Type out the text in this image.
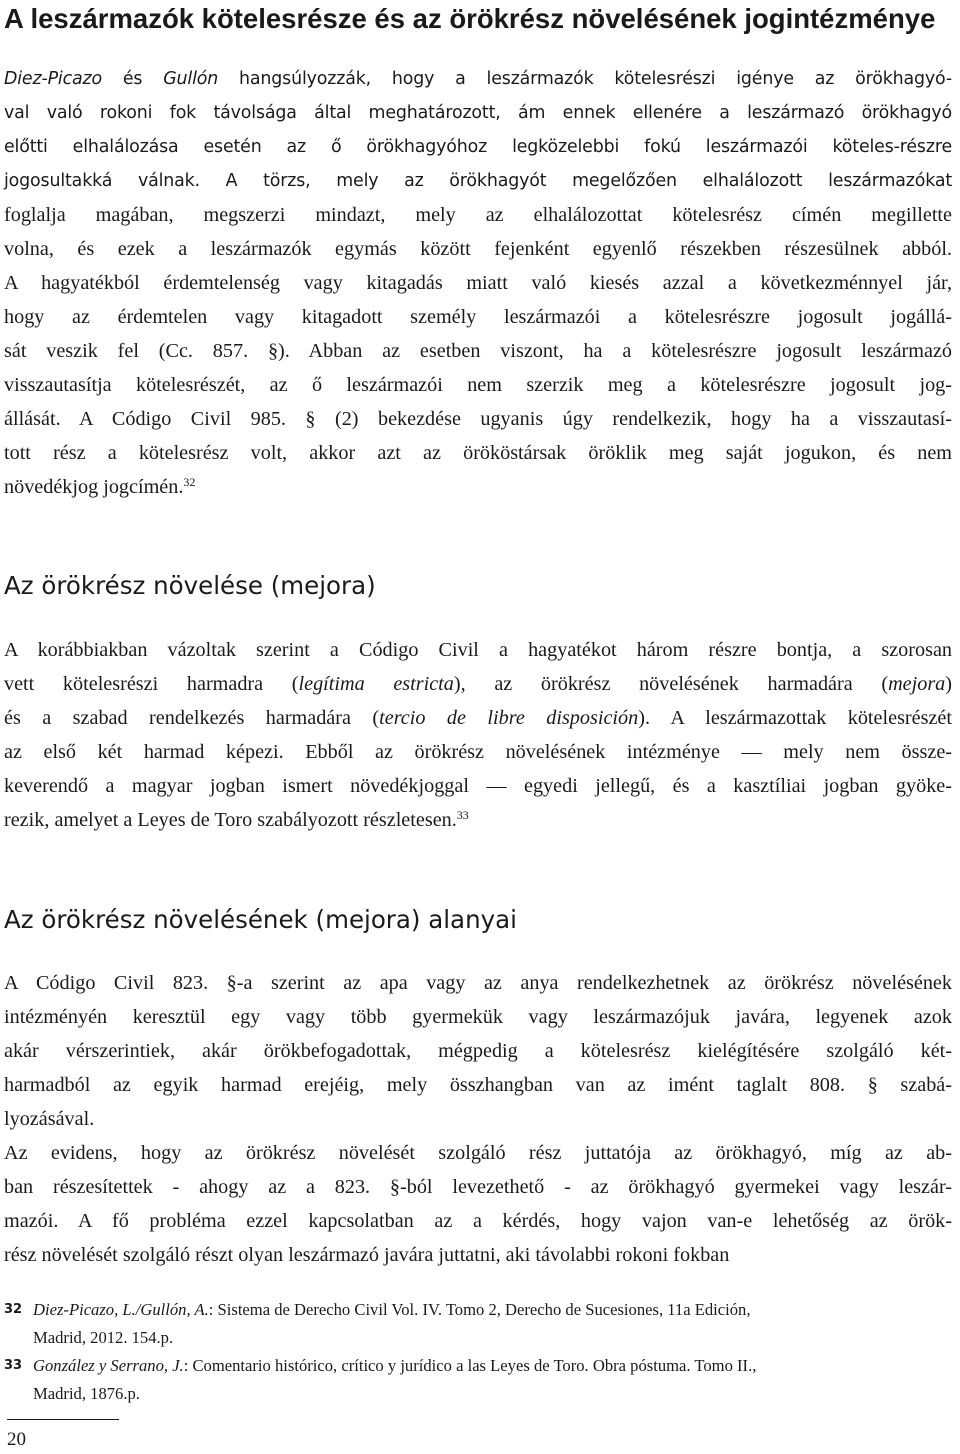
A leszármazók kötelesrésze és az örökrész növelésének jogintézménye
Diez-Picazo és Gullón hangsúlyozzák, hogy a leszármazók kötelesrészi igénye az örökhagyó-
val való rokoni fok távolsága által meghatározott, ám ennek ellenére a leszármazó örökhagyó
előtti elhalálozása esetén az ő örökhagyóhoz legközelebbi fokú leszármazói köteles-részre
jogosultakká válnak. A törzs, mely az örökhagyót megelőzően elhalálozott leszármazókat
foglalja magában, megszerzi mindazt, mely az elhalálozottat kötelesrész címén megillette
volna, és ezek a leszármazók egymás között fejenként egyenlő részekben részesülnek abból.
A hagyatékból érdemtelenség vagy kitagadás miatt való kiesés azzal a következménnyel jár,
hogy az érdemtelen vagy kitagadott személy leszármazói a kötelesrészre jogosult jogállá-
sát veszik fel (Cc. 857. §). Abban az esetben viszont, ha a kötelesrészre jogosult leszármazó
visszautasítja kötelesrészét, az ő leszármazói nem szerzik meg a kötelesrészre jogosult jog-
állását. A Código Civil 985. § (2) bekezdése ugyanis úgy rendelkezik, hogy ha a visszautasí-
tott rész a kötelesrész volt, akkor azt az örököstársak öröklik meg saját jogukon, és nem
növedékjog jogcímén.$^{32}$
Az örökrész növelése (mejora)
A korábbiakban vázoltak szerint a Código Civil a hagyatékot három részre bontja, a szorosan
vett kötelesrészi harmadra (legítima estricta), az örökrész növelésének harmadára (mejora)
és a szabad rendelkezés harmadára (tercio de libre disposición). A leszármazottak kötelesrészét
az első két harmad képezi. Ebből az örökrész növelésének intézménye — mely nem össze-
keverendő a magyar jogban ismert növedékjoggal — egyedi jellegű, és a kasztíliai jogban gyöke-
rezik, amelyet a Leyes de Toro szabályozott részletesen.$^{33}$
Az örökrész növelésének (mejora) alanyai
A Código Civil 823. §-a szerint az apa vagy az anya rendelkezhetnek az örökrész növelésének
intézményén keresztül egy vagy több gyermekük vagy leszármazójuk javára, legyenek azok
akár vérszerintiek, akár örökbefogadottak, mégpedig a kötelesrész kielégítésére szolgáló két-
harmadból az egyik harmad erejéig, mely összhangban van az imént taglalt 808. § szabá-
lyozásával.
Az evidens, hogy az örökrész növelését szolgáló rész juttatója az örökhagyó, míg az ab-
ban részesítettek - ahogy az a 823. §-ból levezethető - az örökhagyó gyermekei vagy leszár-
mazói. A fő probléma ezzel kapcsolatban az a kérdés, hogy vajon van-e lehetőség az örök-
rész növelését szolgáló részt olyan leszármazó javára juttatni, aki távolabbi rokoni fokban
32 Diez-Picazo, L./Gullón, A.: Sistema de Derecho Civil Vol. IV. Tomo 2, Derecho de Sucesiones, 11a Edición,
Madrid, 2012. 154.p.
33 González y Serrano, J.: Comentario histórico, crítico y jurídico a las Leyes de Toro. Obra póstuma. Tomo II.,
Madrid, 1876.p.
20
